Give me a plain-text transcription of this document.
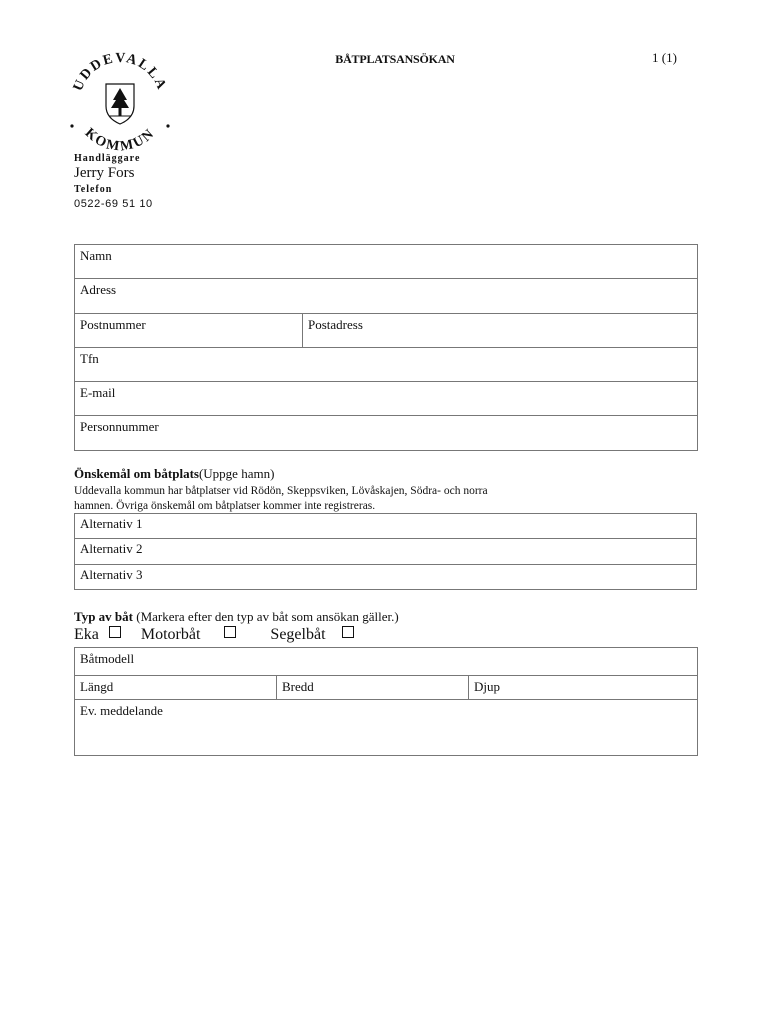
UDDEVALLA
KOMMUN
BÅTPLATSANSÖKAN	1 (1)
Handläggare
Jerry Fors
Telefon
0522-69 51 10
Namn
Adress
Postnummer	Postadress
Tfn
E-mail
Personnummer
Önskemål om båtplats(Uppge hamn)
Uddevalla kommun har båtplatser vid Rödön, Skeppsviken, Lövåskajen, Södra- och norra
hamnen. Övriga önskemål om båtplatser kommer inte registreras.
Alternativ 1
Alternativ 2
Alternativ 3
Typ av båt (Markera efter den typ av båt som ansökan gäller.)
Eka	Motorbåt	Segelbåt
Båtmodell
Längd	Bredd	Djup
Ev. meddelande
